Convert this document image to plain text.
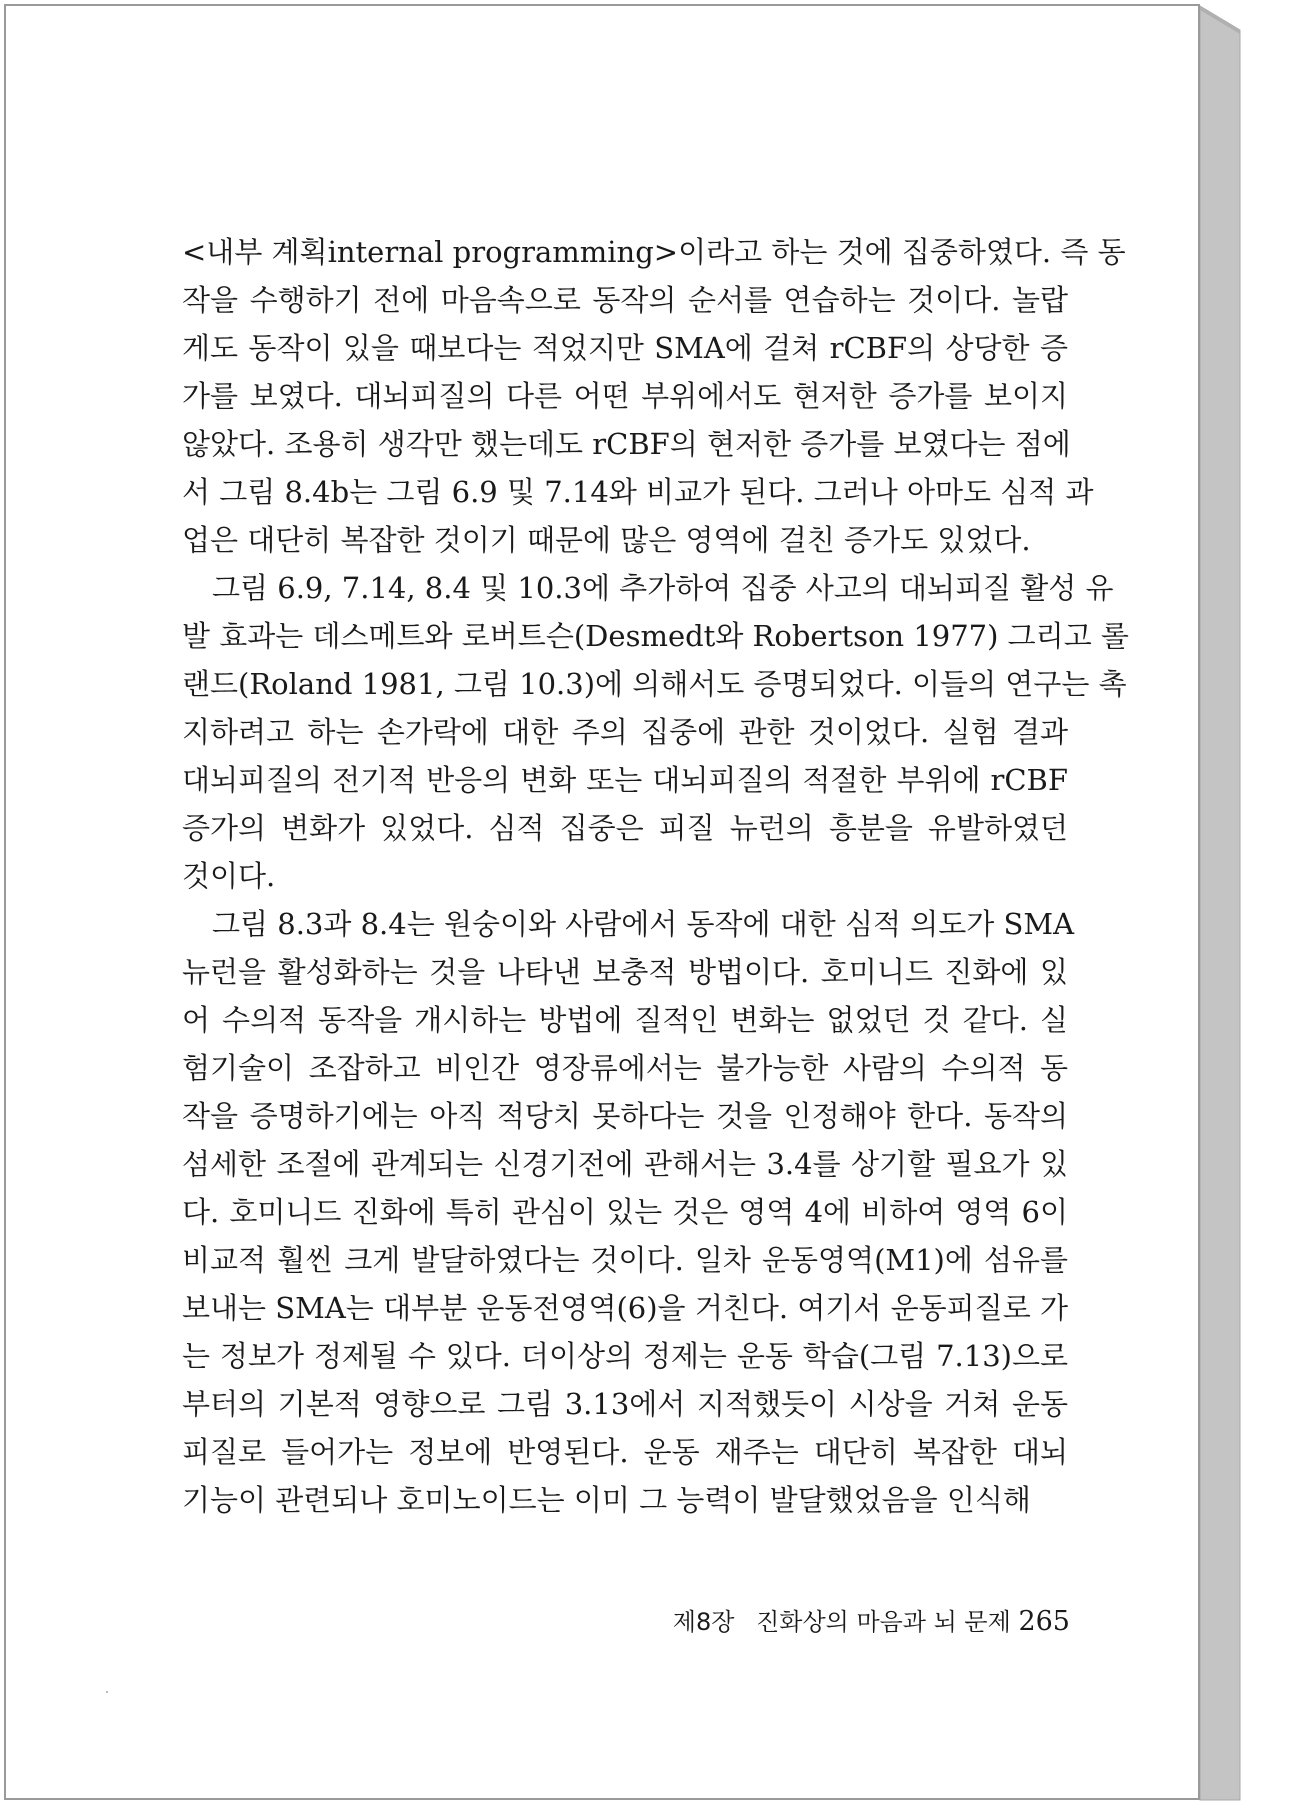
<내부 계획internal programming>이라고 하는 것에 집중하였다. 즉 동
작을 수행하기 전에 마음속으로 동작의 순서를 연습하는 것이다. 놀랍
게도 동작이 있을 때보다는 적었지만 SMA에 걸쳐 rCBF의 상당한 증
가를 보였다. 대뇌피질의 다른 어떤 부위에서도 현저한 증가를 보이지
않았다. 조용히 생각만 했는데도 rCBF의 현저한 증가를 보였다는 점에
서 그림 8.4b는 그림 6.9 및 7.14와 비교가 된다. 그러나 아마도 심적 과
업은 대단히 복잡한 것이기 때문에 많은 영역에 걸친 증가도 있었다.
그림 6.9, 7.14, 8.4 및 10.3에 추가하여 집중 사고의 대뇌피질 활성 유
발 효과는 데스메트와 로버트슨(Desmedt와 Robertson 1977) 그리고 롤
랜드(Roland 1981, 그림 10.3)에 의해서도 증명되었다. 이들의 연구는 촉
지하려고 하는 손가락에 대한 주의 집중에 관한 것이었다. 실험 결과
대뇌피질의 전기적 반응의 변화 또는 대뇌피질의 적절한 부위에 rCBF
증가의 변화가 있었다. 심적 집중은 피질 뉴런의 흥분을 유발하였던
것이다.
그림 8.3과 8.4는 원숭이와 사람에서 동작에 대한 심적 의도가 SMA
뉴런을 활성화하는 것을 나타낸 보충적 방법이다. 호미니드 진화에 있
어 수의적 동작을 개시하는 방법에 질적인 변화는 없었던 것 같다. 실
험기술이 조잡하고 비인간 영장류에서는 불가능한 사람의 수의적 동
작을 증명하기에는 아직 적당치 못하다는 것을 인정해야 한다. 동작의
섬세한 조절에 관계되는 신경기전에 관해서는 3.4를 상기할 필요가 있
다. 호미니드 진화에 특히 관심이 있는 것은 영역 4에 비하여 영역 6이
비교적 훨씬 크게 발달하였다는 것이다. 일차 운동영역(M1)에 섬유를
보내는 SMA는 대부분 운동전영역(6)을 거친다. 여기서 운동피질로 가
는 정보가 정제될 수 있다. 더이상의 정제는 운동 학습(그림 7.13)으로
부터의 기본적 영향으로 그림 3.13에서 지적했듯이 시상을 거쳐 운동
피질로 들어가는 정보에 반영된다. 운동 재주는 대단히 복잡한 대뇌
기능이 관련되나 호미노이드는 이미 그 능력이 발달했었음을 인식해
제8장 진화상의 마음과 뇌 문제 265
